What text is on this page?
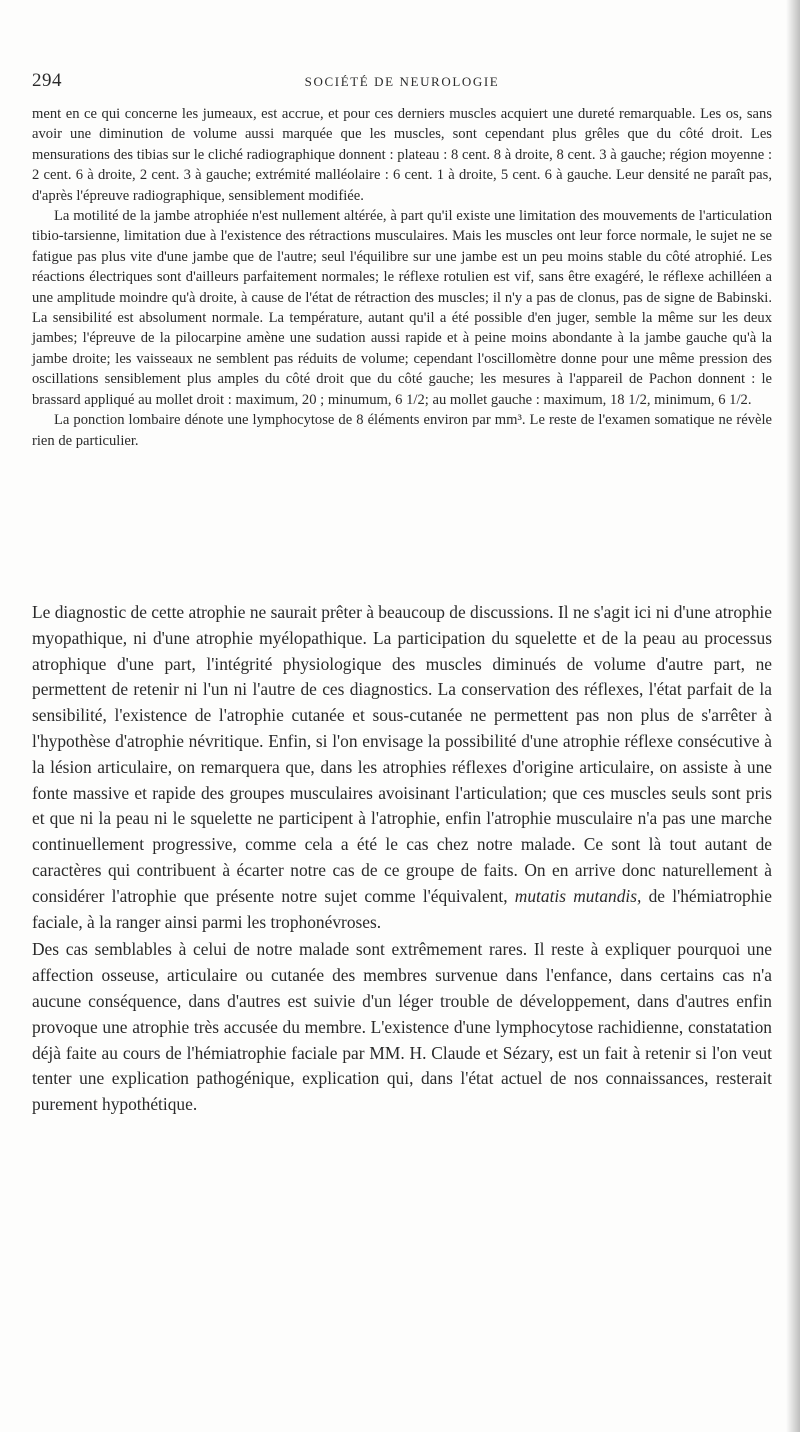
294	SOCIÉTÉ DE NEUROLOGIE

ment en ce qui concerne les jumeaux, est accrue, et pour ces derniers muscles acquiert une dureté remarquable. Les os, sans avoir une diminution de volume aussi marquée que les muscles, sont cependant plus grêles que du côté droit. Les mensurations des tibias sur le cliché radiographique donnent : plateau : 8 cent. 8 à droite, 8 cent. 3 à gauche; région moyenne : 2 cent. 6 à droite, 2 cent. 3 à gauche; extrémité malléolaire : 6 cent. 1 à droite, 5 cent. 6 à gauche. Leur densité ne paraît pas, d'après l'épreuve radiographique, sensiblement modifiée.

La motilité de la jambe atrophiée n'est nullement altérée, à part qu'il existe une limitation des mouvements de l'articulation tibio-tarsienne, limitation due à l'existence des rétractions musculaires. Mais les muscles ont leur force normale, le sujet ne se fatigue pas plus vite d'une jambe que de l'autre; seul l'équilibre sur une jambe est un peu moins stable du côté atrophié. Les réactions électriques sont d'ailleurs parfaitement normales; le réflexe rotulien est vif, sans être exagéré, le réflexe achilléen a une amplitude moindre qu'à droite, à cause de l'état de rétraction des muscles; il n'y a pas de clonus, pas de signe de Babinski. La sensibilité est absolument normale. La température, autant qu'il a été possible d'en juger, semble la même sur les deux jambes; l'épreuve de la pilocarpine amène une sudation aussi rapide et à peine moins abondante à la jambe gauche qu'à la jambe droite; les vaisseaux ne semblent pas réduits de volume; cependant l'oscillomètre donne pour une même pression des oscillations sensiblement plus amples du côté droit que du côté gauche; les mesures à l'appareil de Pachon donnent : le brassard appliqué au mollet droit : maximum, 20 ; minumum, 6 1/2; au mollet gauche : maximum, 18 1/2, minimum, 6 1/2.

La ponction lombaire dénote une lymphocytose de 8 éléments environ par mm³. Le reste de l'examen somatique ne révèle rien de particulier.

Le diagnostic de cette atrophie ne saurait prêter à beaucoup de discussions. Il ne s'agit ici ni d'une atrophie myopathique, ni d'une atrophie myélopathique. La participation du squelette et de la peau au processus atrophique d'une part, l'intégrité physiologique des muscles diminués de volume d'autre part, ne permettent de retenir ni l'un ni l'autre de ces diagnostics. La conservation des réflexes, l'état parfait de la sensibilité, l'existence de l'atrophie cutanée et sous-cutanée ne permettent pas non plus de s'arrêter à l'hypothèse d'atrophie névritique. Enfin, si l'on envisage la possibilité d'une atrophie réflexe consécutive à la lésion articulaire, on remarquera que, dans les atrophies réflexes d'origine articulaire, on assiste à une fonte massive et rapide des groupes musculaires avoisinant l'articulation; que ces muscles seuls sont pris et que ni la peau ni le squelette ne participent à l'atrophie, enfin l'atrophie musculaire n'a pas une marche continuellement progressive, comme cela a été le cas chez notre malade. Ce sont là tout autant de caractères qui contribuent à écarter notre cas de ce groupe de faits. On en arrive donc naturellement à considérer l'atrophie que présente notre sujet comme l'équivalent, mutatis mutandis, de l'hémiatrophie faciale, à la ranger ainsi parmi les trophonévroses.

Des cas semblables à celui de notre malade sont extrêmement rares. Il reste à expliquer pourquoi une affection osseuse, articulaire ou cutanée des membres survenue dans l'enfance, dans certains cas n'a aucune conséquence, dans d'autres est suivie d'un léger trouble de développement, dans d'autres enfin provoque une atrophie très accusée du membre. L'existence d'une lymphocytose rachidienne, constatation déjà faite au cours de l'hémiatrophie faciale par MM. H. Claude et Sézary, est un fait à retenir si l'on veut tenter une explication pathogénique, explication qui, dans l'état actuel de nos connaissances, resterait purement hypothétique.
